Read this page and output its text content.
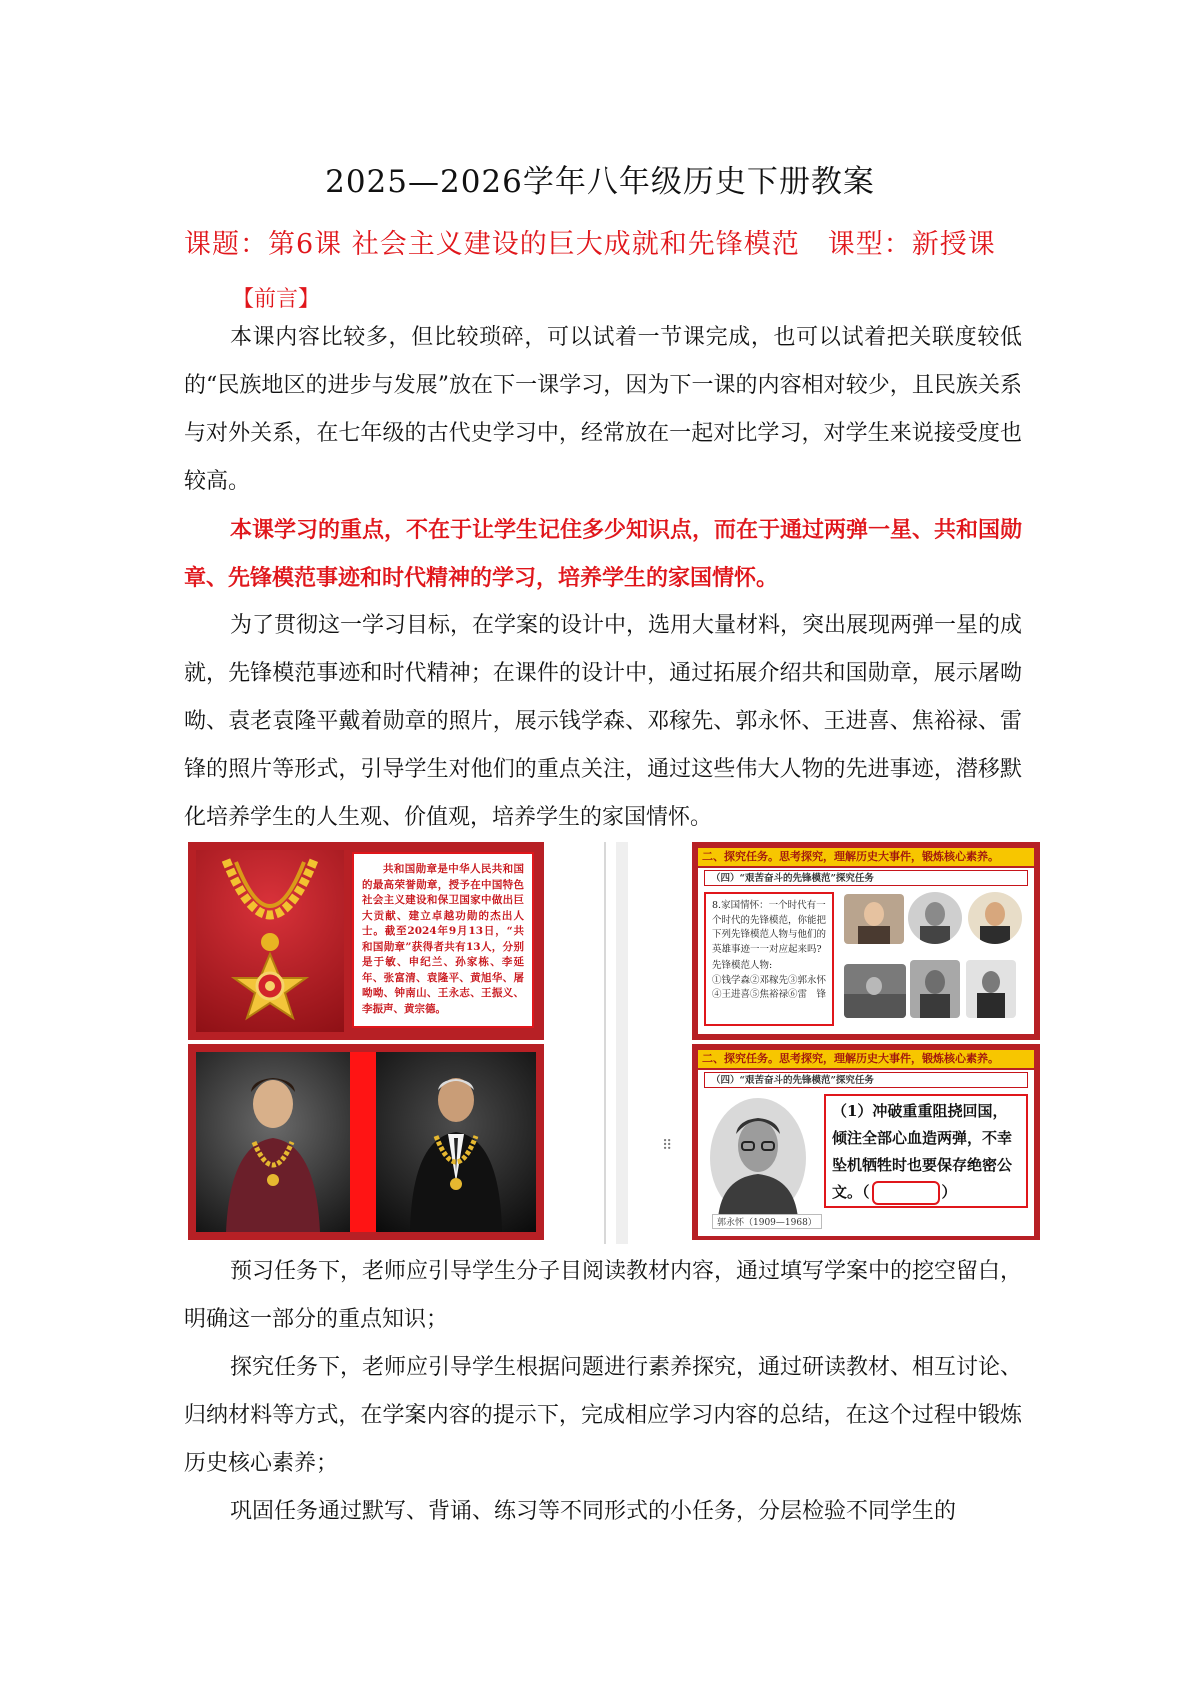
2025—2026学年八年级历史下册教案
课题：第6课 社会主义建设的巨大成就和先锋模范 课型：新授课
【前言】
本课内容比较多，但比较琐碎，可以试着一节课完成，也可以试着把关联度较低的“民族地区的进步与发展”放在下一课学习，因为下一课的内容相对较少，且民族关系与对外关系，在七年级的古代史学习中，经常放在一起对比学习，对学生来说接受度也较高。
本课学习的重点，不在于让学生记住多少知识点，而在于通过两弹一星、共和国勋章、先锋模范事迹和时代精神的学习，培养学生的家国情怀。
为了贯彻这一学习目标，在学案的设计中，选用大量材料，突出展现两弹一星的成就，先锋模范事迹和时代精神；在课件的设计中，通过拓展介绍共和国勋章，展示屠呦呦、袁老袁隆平戴着勋章的照片，展示钱学森、邓稼先、郭永怀、王进喜、焦裕禄、雷锋的照片等形式，引导学生对他们的重点关注，通过这些伟大人物的先进事迹，潜移默化培养学生的人生观、价值观，培养学生的家国情怀。
共和国勋章是中华人民共和国的最高荣誉勋章，授予在中国特色社会主义建设和保卫国家中做出巨大贡献、建立卓越功勋的杰出人士。截至2024年9月13日，“共和国勋章”获得者共有13人，分别是于敏、申纪兰、孙家栋、李延年、张富清、袁隆平、黄旭华、屠呦呦、钟南山、王永志、王振义、李振声、黄宗德。
⠿
二、探究任务。思考探究，理解历史大事件，锻炼核心素养。
（四）“艰苦奋斗的先锋模范”探究任务

8.家国情怀：一个时代有一个时代的先锋模范，你能把下列先锋模范人物与他们的英雄事迹一一对应起来吗?

先锋模范人物:
①钱学森②邓稼先③郭永怀
④王进喜⑤焦裕禄⑥雷　锋
二、探究任务。思考探究，理解历史大事件，锻炼核心素养。
（四）“艰苦奋斗的先锋模范”探究任务
郭永怀（1909—1968）
（1）冲破重重阻挠回国，倾注全部心血造两弹，不幸坠机牺牲时也要保存绝密公文。（	）
预习任务下，老师应引导学生分子目阅读教材内容，通过填写学案中的挖空留白，明确这一部分的重点知识；
探究任务下，老师应引导学生根据问题进行素养探究，通过研读教材、相互讨论、归纳材料等方式，在学案内容的提示下，完成相应学习内容的总结，在这个过程中锻炼历史核心素养；
巩固任务通过默写、背诵、练习等不同形式的小任务，分层检验不同学生的
